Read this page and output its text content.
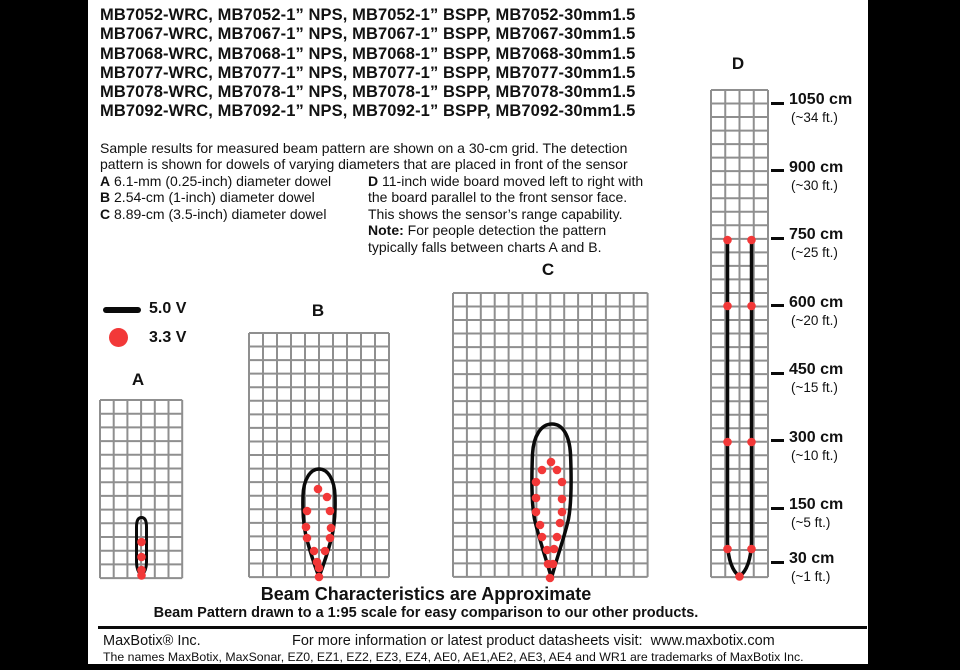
MB7052-WRC, MB7052-1” NPS, MB7052-1” BSPP, MB7052-30mm1.5
MB7067-WRC, MB7067-1” NPS, MB7067-1” BSPP, MB7067-30mm1.5
MB7068-WRC, MB7068-1” NPS, MB7068-1” BSPP, MB7068-30mm1.5
MB7077-WRC, MB7077-1” NPS, MB7077-1” BSPP, MB7077-30mm1.5
MB7078-WRC, MB7078-1” NPS, MB7078-1” BSPP, MB7078-30mm1.5
MB7092-WRC, MB7092-1” NPS, MB7092-1” BSPP, MB7092-30mm1.5
Sample results for measured beam pattern are shown on a 30-cm grid. The detection
pattern is shown for dowels of varying diameters that are placed in front of the sensor
A 6.1-mm (0.25-inch) diameter dowel
B 2.54-cm (1-inch) diameter dowel
C 8.89-cm (3.5-inch) diameter dowel
D 11-inch wide board moved left to right with
the board parallel to the front sensor face.
This shows the sensor’s range capability.
Note: For people detection the pattern
typically falls between charts A and B.
5.0 V
3.3 V
A
B
C
D
1050 cm
(~34 ft.)
900 cm
(~30 ft.)
750 cm
(~25 ft.)
600 cm
(~20 ft.)
450 cm
(~15 ft.)
300 cm
(~10 ft.)
150 cm
(~5 ft.)
30 cm
(~1 ft.)
Beam Characteristics are Approximate
Beam Pattern drawn to a 1:95 scale for easy comparison to our other products.
MaxBotix® Inc.	For more information or latest product datasheets visit:  www.maxbotix.com
The names MaxBotix, MaxSonar, EZ0, EZ1, EZ2, EZ3, EZ4, AE0, AE1,AE2, AE3, AE4 and WR1 are trademarks of MaxBotix Inc.
